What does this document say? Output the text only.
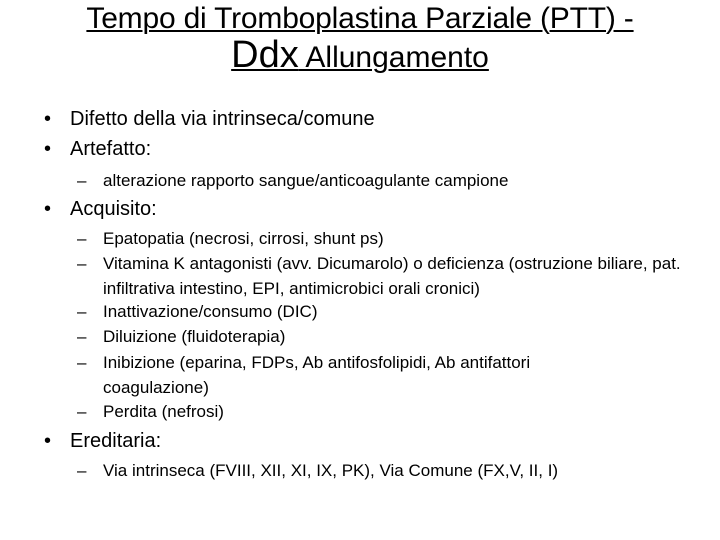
Tempo di Tromboplastina Parziale (PTT) -
Ddx Allungamento
• Difetto della via intrinseca/comune
• Artefatto:
– alterazione rapporto sangue/anticoagulante campione
• Acquisito:
– Epatopatia (necrosi, cirrosi, shunt ps)
– Vitamina K antagonisti (avv. Dicumarolo) o deficienza (ostruzione biliare, pat. infiltrativa intestino, EPI, antimicrobici orali cronici)
– Inattivazione/consumo (DIC)
– Diluizione (fluidoterapia)
– Inibizione (eparina, FDPs, Ab antifosfolipidi, Ab antifattori coagulazione)
– Perdita (nefrosi)
• Ereditaria:
– Via intrinseca (FVIII, XII, XI, IX, PK), Via Comune (FX,V, II, I)
